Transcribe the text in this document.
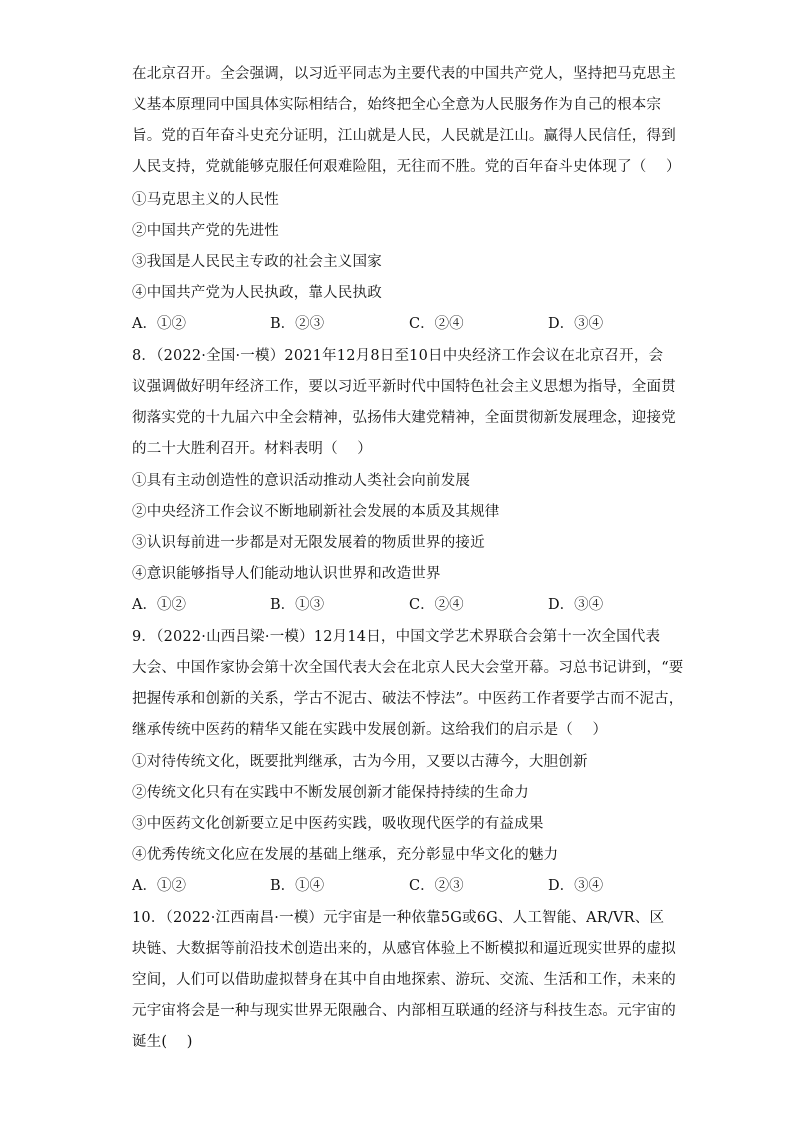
在北京召开。全会强调，以习近平同志为主要代表的中国共产党人，坚持把马克思主
义基本原理同中国具体实际相结合，始终把全心全意为人民服务作为自己的根本宗
旨。党的百年奋斗史充分证明，江山就是人民，人民就是江山。赢得人民信任，得到
人民支持，党就能够克服任何艰难险阻，无往而不胜。党的百年奋斗史体现了（　 ）
①马克思主义的人民性
②中国共产党的先进性
③我国是人民民主专政的社会主义国家
④中国共产党为人民执政，靠人民执政
A．①②	B．②③	C．②④	D．③④
8．（2022·全国·一模）2021年12月8日至10日中央经济工作会议在北京召开，会
议强调做好明年经济工作，要以习近平新时代中国特色社会主义思想为指导，全面贯
彻落实党的十九届六中全会精神，弘扬伟大建党精神，全面贯彻新发展理念，迎接党
的二十大胜利召开。材料表明（　 ）
①具有主动创造性的意识活动推动人类社会向前发展
②中央经济工作会议不断地刷新社会发展的本质及其规律
③认识每前进一步都是对无限发展着的物质世界的接近
④意识能够指导人们能动地认识世界和改造世界
A．①②	B．①③	C．②④	D．③④
9．（2022·山西吕梁·一模）12月14日，中国文学艺术界联合会第十一次全国代表
大会、中国作家协会第十次全国代表大会在北京人民大会堂开幕。习总书记讲到，“要
把握传承和创新的关系，学古不泥古、破法不悖法”。中医药工作者要学古而不泥古，
继承传统中医药的精华又能在实践中发展创新。这给我们的启示是（　 ）
①对待传统文化，既要批判继承，古为今用，又要以古薄今，大胆创新
②传统文化只有在实践中不断发展创新才能保持持续的生命力
③中医药文化创新要立足中医药实践，吸收现代医学的有益成果
④优秀传统文化应在发展的基础上继承，充分彰显中华文化的魅力
A．①②	B．①④	C．②③	D．③④
10．（2022·江西南昌·一模）元宇宙是一种依靠5G或6G、人工智能、AR/VR、区
块链、大数据等前沿技术创造出来的，从感官体验上不断模拟和逼近现实世界的虚拟
空间，人们可以借助虚拟替身在其中自由地探索、游玩、交流、生活和工作，未来的
元宇宙将会是一种与现实世界无限融合、内部相互联通的经济与科技生态。元宇宙的
诞生(　 )
